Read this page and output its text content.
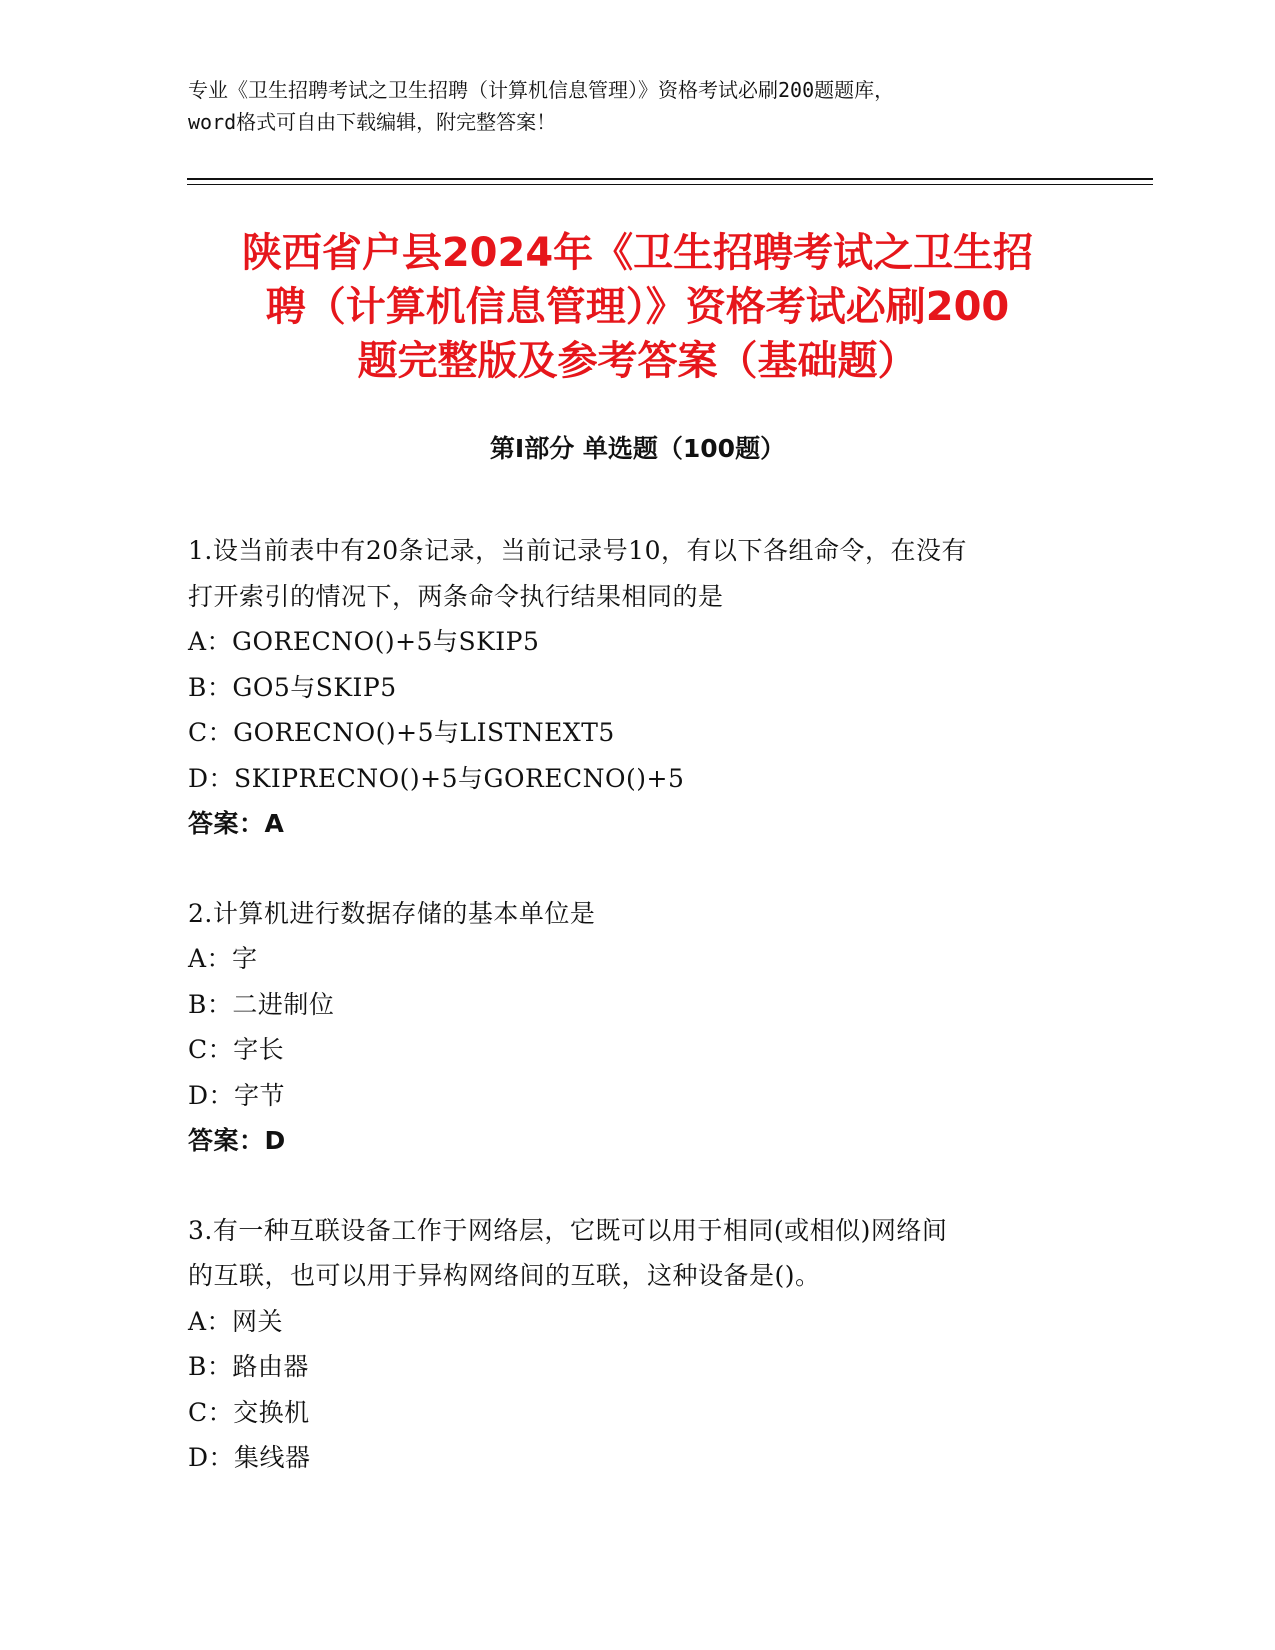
专业《卫生招聘考试之卫生招聘（计算机信息管理）》资格考试必刷200题题库，
word格式可自由下载编辑，附完整答案！
陕西省户县2024年《卫生招聘考试之卫生招
聘（计算机信息管理）》资格考试必刷200
题完整版及参考答案（基础题）
第Ⅰ部分 单选题（100题）
1.设当前表中有20条记录，当前记录号10，有以下各组命令，在没有
打开索引的情况下，两条命令执行结果相同的是
A：GORECNO()+5与SKIP5
B：GO5与SKIP5
C：GORECNO()+5与LISTNEXT5
D：SKIPRECNO()+5与GORECNO()+5
答案：A
2.计算机进行数据存储的基本单位是
A：字
B：二进制位
C：字长
D：字节
答案：D
3.有一种互联设备工作于网络层，它既可以用于相同(或相似)网络间
的互联，也可以用于异构网络间的互联，这种设备是()。
A：网关
B：路由器
C：交换机
D：集线器
